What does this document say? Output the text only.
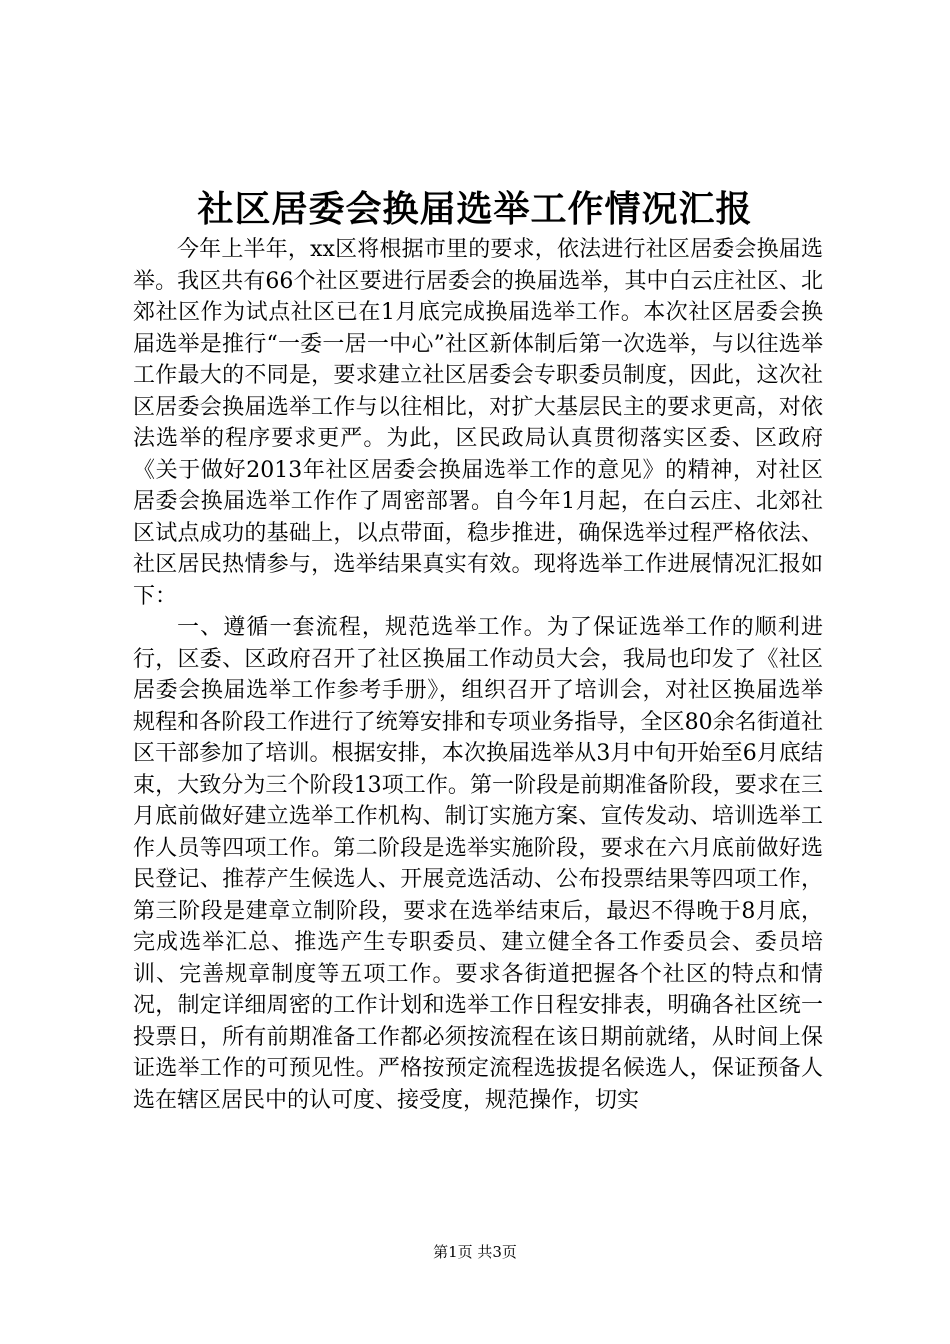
社区居委会换届选举工作情况汇报

今年上半年，xx区将根据市里的要求，依法进行社区居委会换届选举。我区共有66个社区要进行居委会的换届选举，其中白云庄社区、北郊社区作为试点社区已在1月底完成换届选举工作。本次社区居委会换届选举是推行“一委一居一中心”社区新体制后第一次选举，与以往选举工作最大的不同是，要求建立社区居委会专职委员制度，因此，这次社区居委会换届选举工作与以往相比，对扩大基层民主的要求更高，对依法选举的程序要求更严。为此，区民政局认真贯彻落实区委、区政府《关于做好2013年社区居委会换届选举工作的意见》的精神，对社区居委会换届选举工作作了周密部署。自今年1月起，在白云庄、北郊社区试点成功的基础上，以点带面，稳步推进，确保选举过程严格依法、社区居民热情参与，选举结果真实有效。现将选举工作进展情况汇报如下：

一、遵循一套流程，规范选举工作。为了保证选举工作的顺利进行，区委、区政府召开了社区换届工作动员大会，我局也印发了《社区居委会换届选举工作参考手册》，组织召开了培训会，对社区换届选举规程和各阶段工作进行了统筹安排和专项业务指导，全区80余名街道社区干部参加了培训。根据安排，本次换届选举从3月中旬开始至6月底结束，大致分为三个阶段13项工作。第一阶段是前期准备阶段，要求在三月底前做好建立选举工作机构、制订实施方案、宣传发动、培训选举工作人员等四项工作。第二阶段是选举实施阶段，要求在六月底前做好选民登记、推荐产生候选人、开展竞选活动、公布投票结果等四项工作，第三阶段是建章立制阶段，要求在选举结束后，最迟不得晚于8月底，完成选举汇总、推选产生专职委员、建立健全各工作委员会、委员培训、完善规章制度等五项工作。要求各街道把握各个社区的特点和情况，制定详细周密的工作计划和选举工作日程安排表，明确各社区统一投票日，所有前期准备工作都必须按流程在该日期前就绪，从时间上保证选举工作的可预见性。严格按预定流程选拔提名候选人，保证预备人选在辖区居民中的认可度、接受度，规范操作，切实

第1页 共3页
